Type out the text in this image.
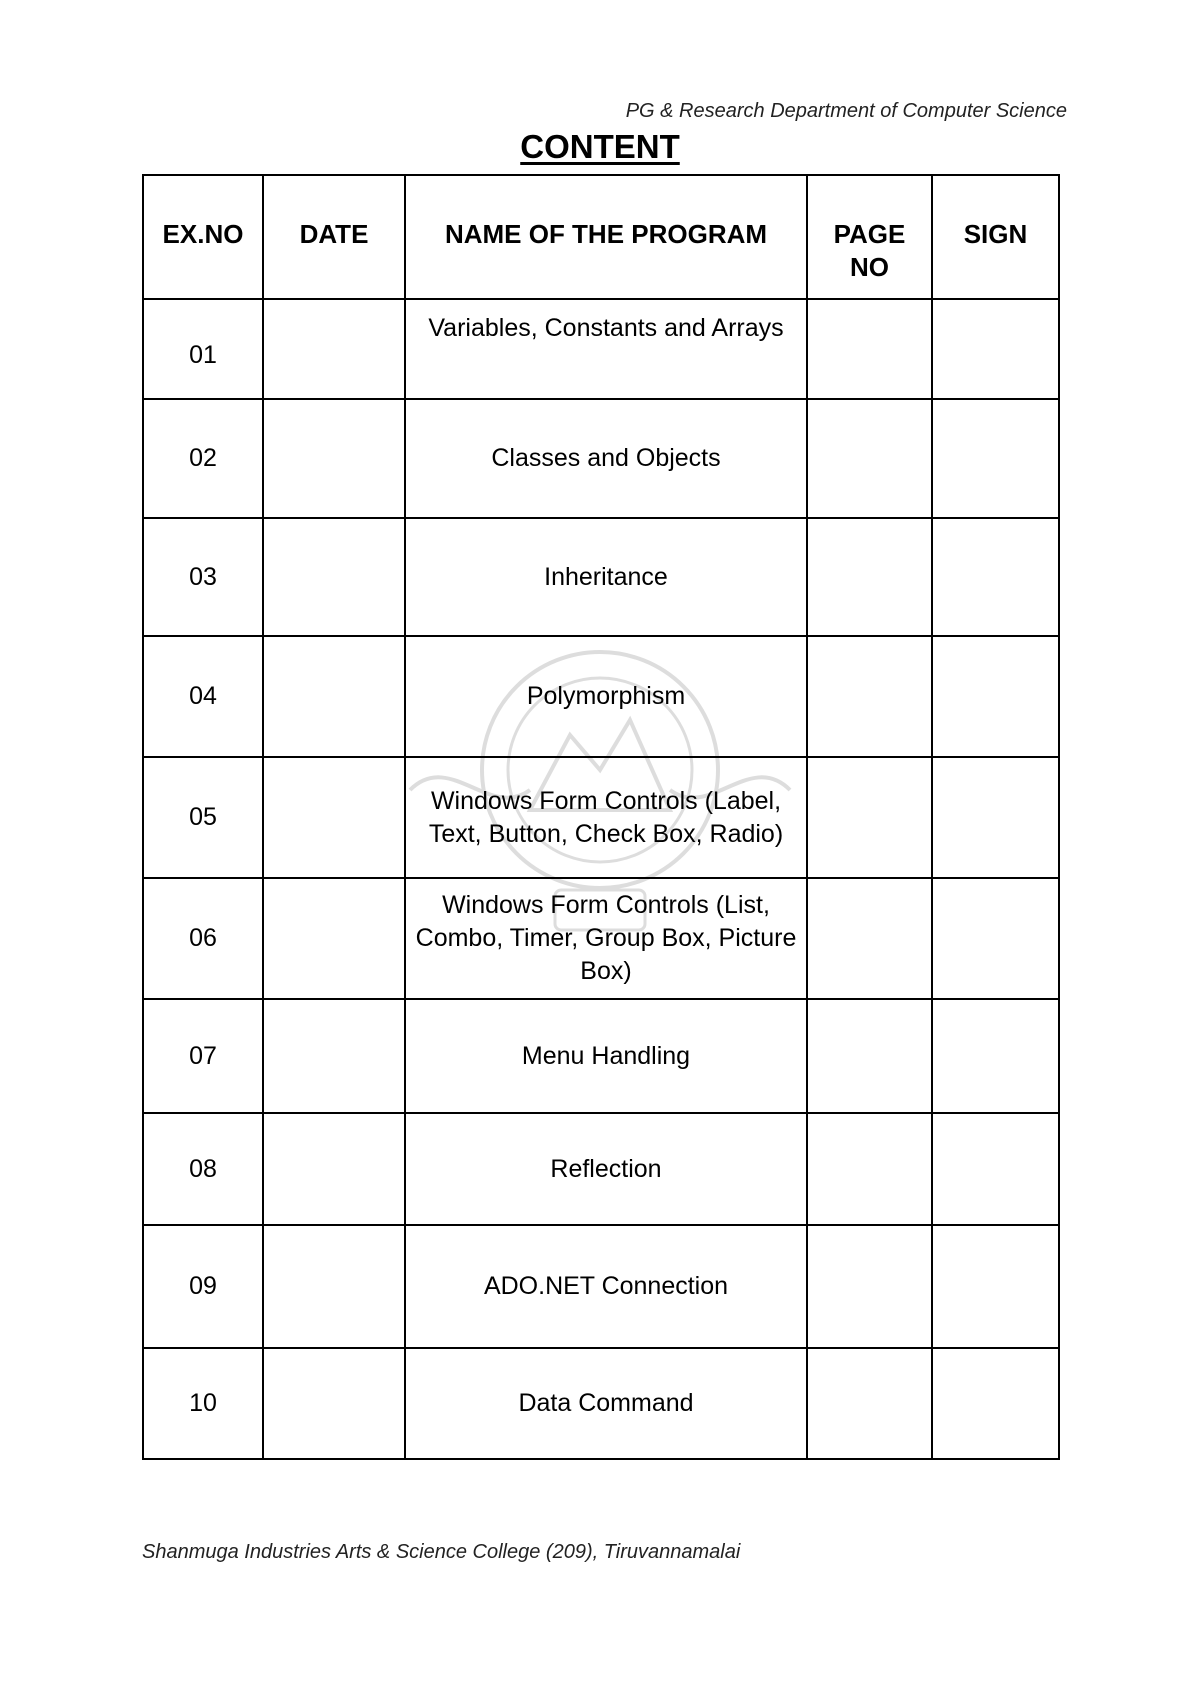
PG & Research Department of Computer Science
CONTENT
EX.NO	DATE	NAME OF THE PROGRAM	PAGE NO	SIGN
01		Variables, Constants and Arrays		
02		Classes and Objects		
03		Inheritance		
04		Polymorphism		
05		Windows Form Controls (Label, Text, Button, Check Box, Radio)		
06		Windows Form Controls (List, Combo, Timer, Group Box, Picture Box)		
07		Menu Handling		
08		Reflection		
09		ADO.NET Connection		
10		Data Command		
Shanmuga Industries Arts & Science College (209), Tiruvannamalai
